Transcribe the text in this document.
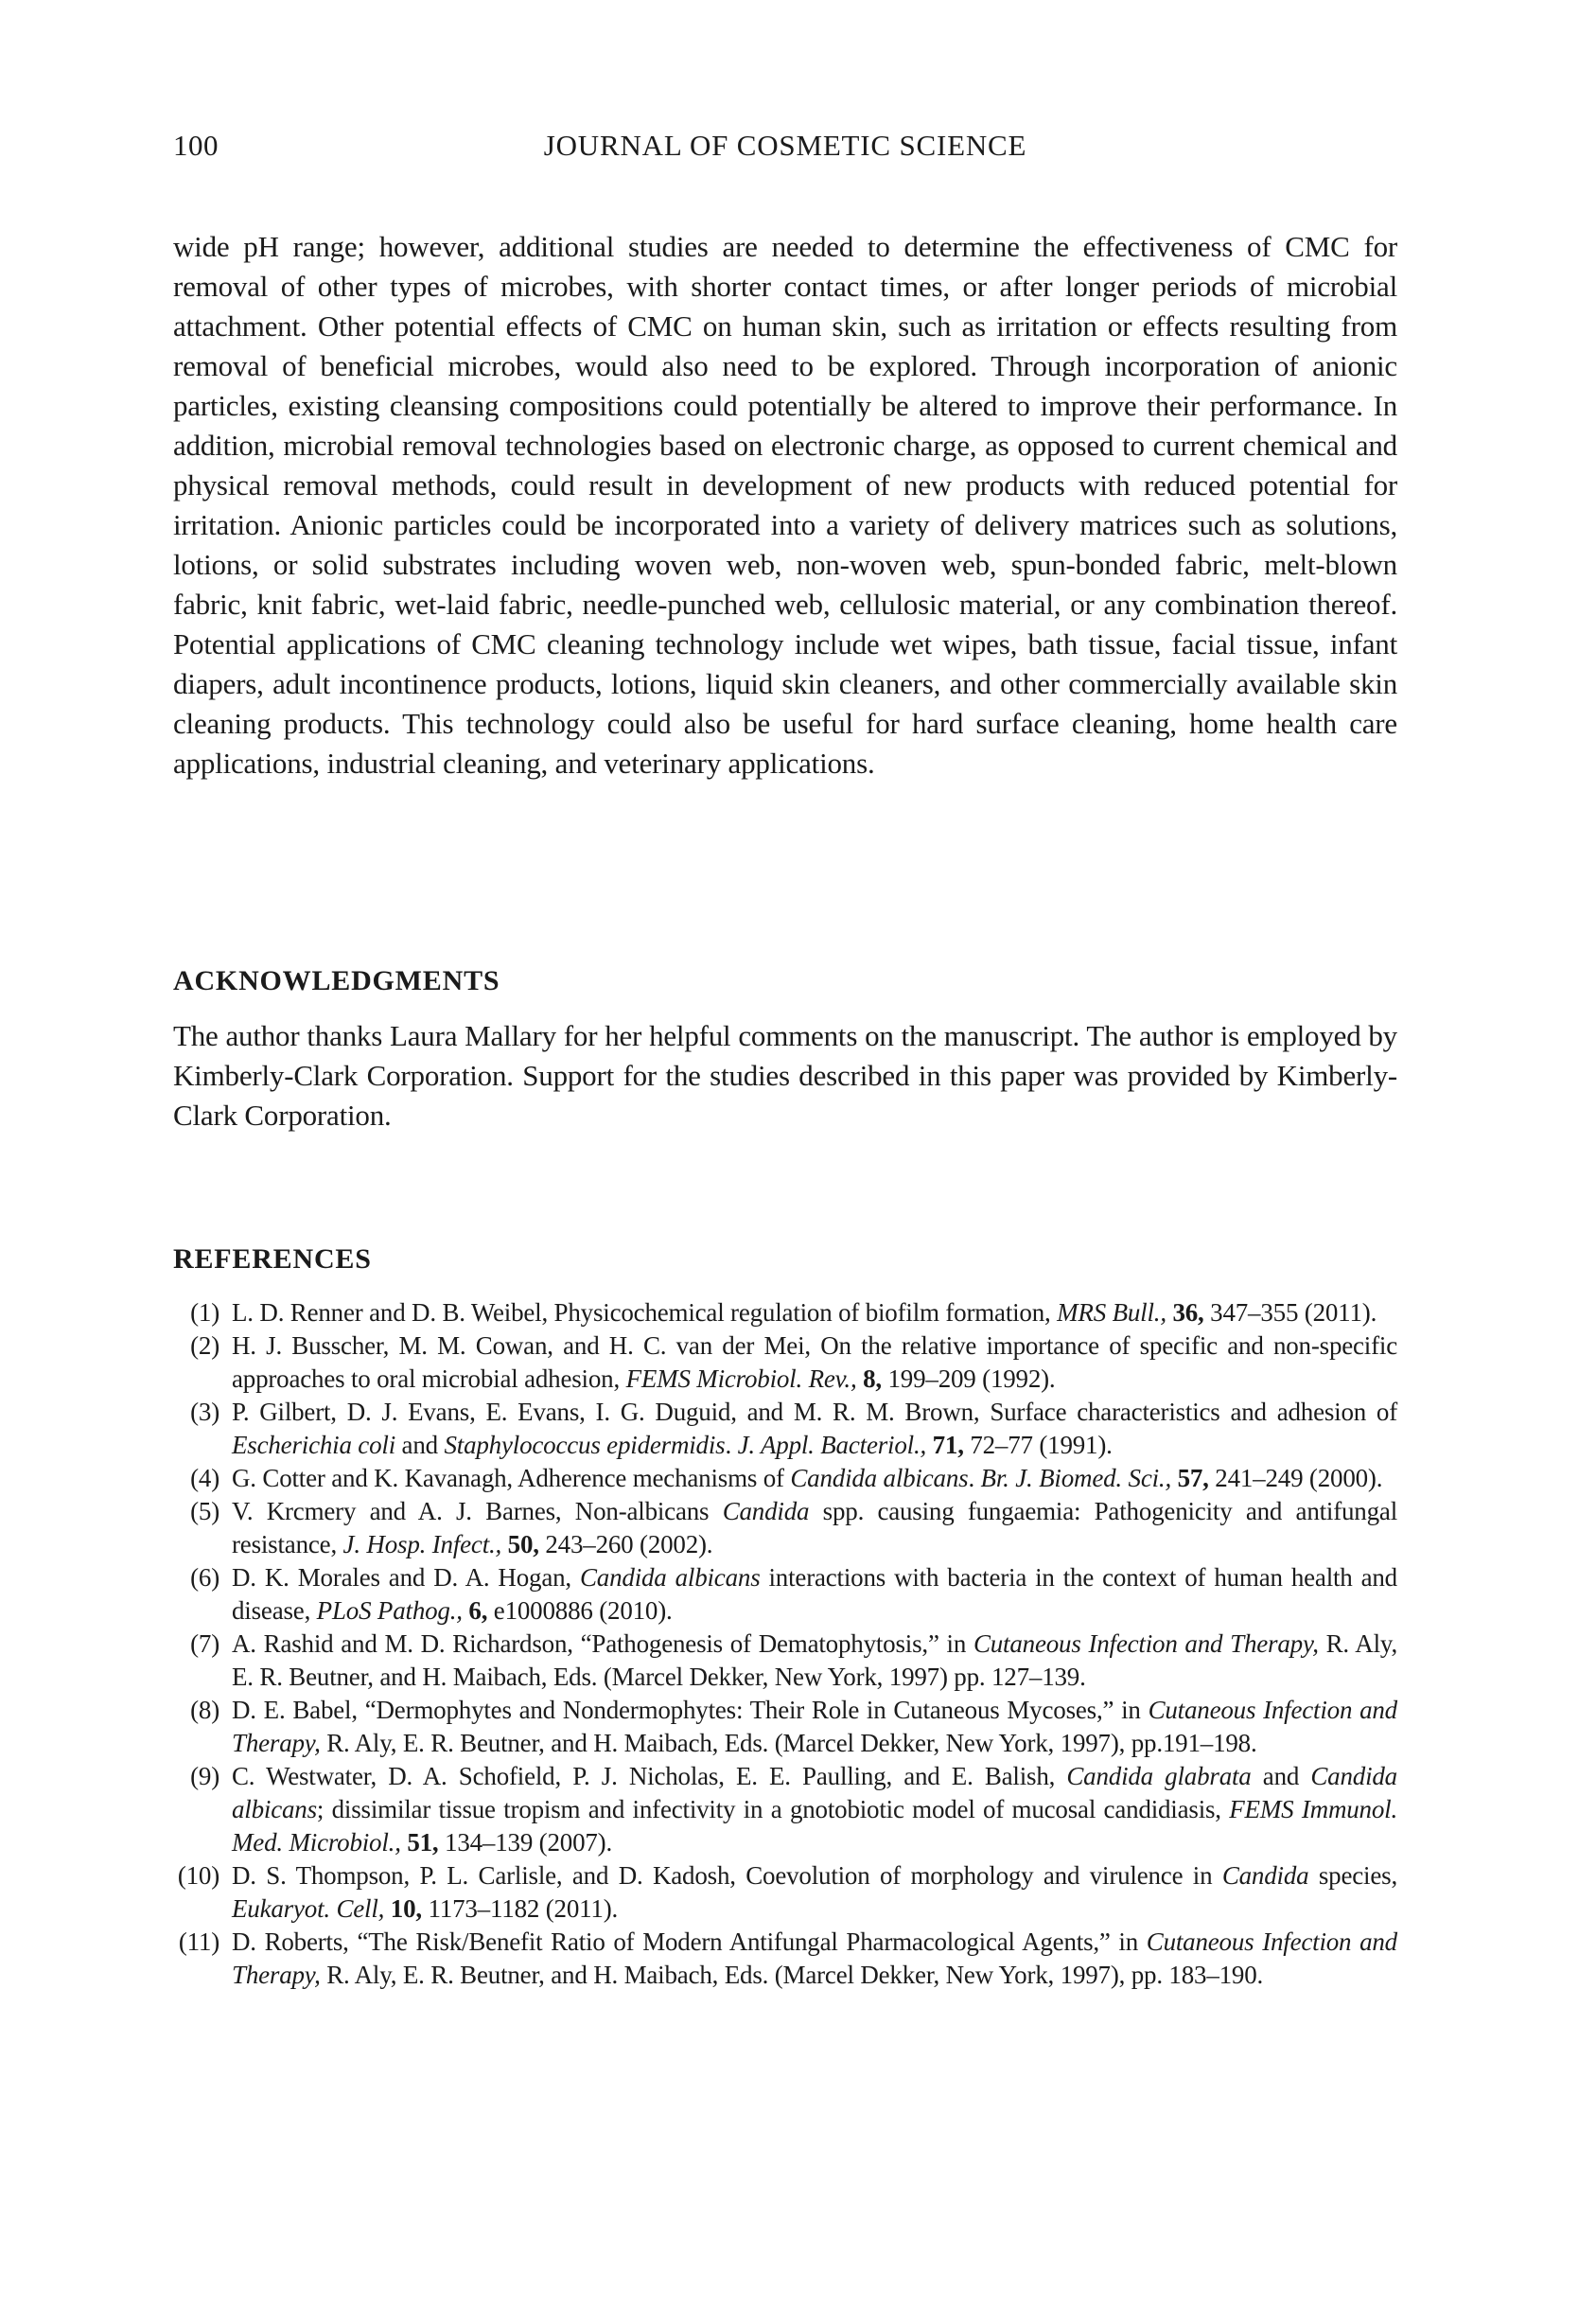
100	JOURNAL OF COSMETIC SCIENCE

wide pH range; however, additional studies are needed to determine the effectiveness of CMC for removal of other types of microbes, with shorter contact times, or after longer periods of microbial attachment. Other potential effects of CMC on human skin, such as irritation or effects resulting from removal of beneficial microbes, would also need to be explored. Through incorporation of anionic particles, existing cleansing compositions could potentially be altered to improve their performance. In addition, microbial removal technologies based on electronic charge, as opposed to current chemical and physical removal methods, could result in development of new products with reduced potential for irritation. Anionic particles could be incorporated into a variety of delivery matrices such as solutions, lotions, or solid substrates including woven web, non-woven web, spun-bonded fabric, melt-blown fabric, knit fabric, wet-laid fabric, needle-punched web, cellulosic material, or any combination thereof. Potential applications of CMC cleaning technology include wet wipes, bath tissue, facial tissue, infant diapers, adult incontinence products, lotions, liquid skin cleaners, and other commercially available skin cleaning products. This technology could also be useful for hard surface cleaning, home health care applications, industrial cleaning, and veterinary applications.

ACKNOWLEDGMENTS

The author thanks Laura Mallary for her helpful comments on the manuscript. The author is employed by Kimberly-Clark Corporation. Support for the studies described in this paper was provided by Kimberly-Clark Corporation.

REFERENCES
(1) L. D. Renner and D. B. Weibel, Physicochemical regulation of biofilm formation, MRS Bull., 36, 347–355 (2011).
(2) H. J. Busscher, M. M. Cowan, and H. C. van der Mei, On the relative importance of specific and non-specific approaches to oral microbial adhesion, FEMS Microbiol. Rev., 8, 199–209 (1992).
(3) P. Gilbert, D. J. Evans, E. Evans, I. G. Duguid, and M. R. M. Brown, Surface characteristics and adhesion of Escherichia coli and Staphylococcus epidermidis. J. Appl. Bacteriol., 71, 72–77 (1991).
(4) G. Cotter and K. Kavanagh, Adherence mechanisms of Candida albicans. Br. J. Biomed. Sci., 57, 241–249 (2000).
(5) V. Krcmery and A. J. Barnes, Non-albicans Candida spp. causing fungaemia: Pathogenicity and antifungal resistance, J. Hosp. Infect., 50, 243–260 (2002).
(6) D. K. Morales and D. A. Hogan, Candida albicans interactions with bacteria in the context of human health and disease, PLoS Pathog., 6, e1000886 (2010).
(7) A. Rashid and M. D. Richardson, “Pathogenesis of Dematophytosis,” in Cutaneous Infection and Therapy, R. Aly, E. R. Beutner, and H. Maibach, Eds. (Marcel Dekker, New York, 1997) pp. 127–139.
(8) D. E. Babel, “Dermophytes and Nondermophytes: Their Role in Cutaneous Mycoses,” in Cutaneous Infection and Therapy, R. Aly, E. R. Beutner, and H. Maibach, Eds. (Marcel Dekker, New York, 1997), pp.191–198.
(9) C. Westwater, D. A. Schofield, P. J. Nicholas, E. E. Paulling, and E. Balish, Candida glabrata and Candida albicans; dissimilar tissue tropism and infectivity in a gnotobiotic model of mucosal candidiasis, FEMS Immunol. Med. Microbiol., 51, 134–139 (2007).
(10) D. S. Thompson, P. L. Carlisle, and D. Kadosh, Coevolution of morphology and virulence in Candida species, Eukaryot. Cell, 10, 1173–1182 (2011).
(11) D. Roberts, “The Risk/Benefit Ratio of Modern Antifungal Pharmacological Agents,” in Cutaneous Infection and Therapy, R. Aly, E. R. Beutner, and H. Maibach, Eds. (Marcel Dekker, New York, 1997), pp. 183–190.
